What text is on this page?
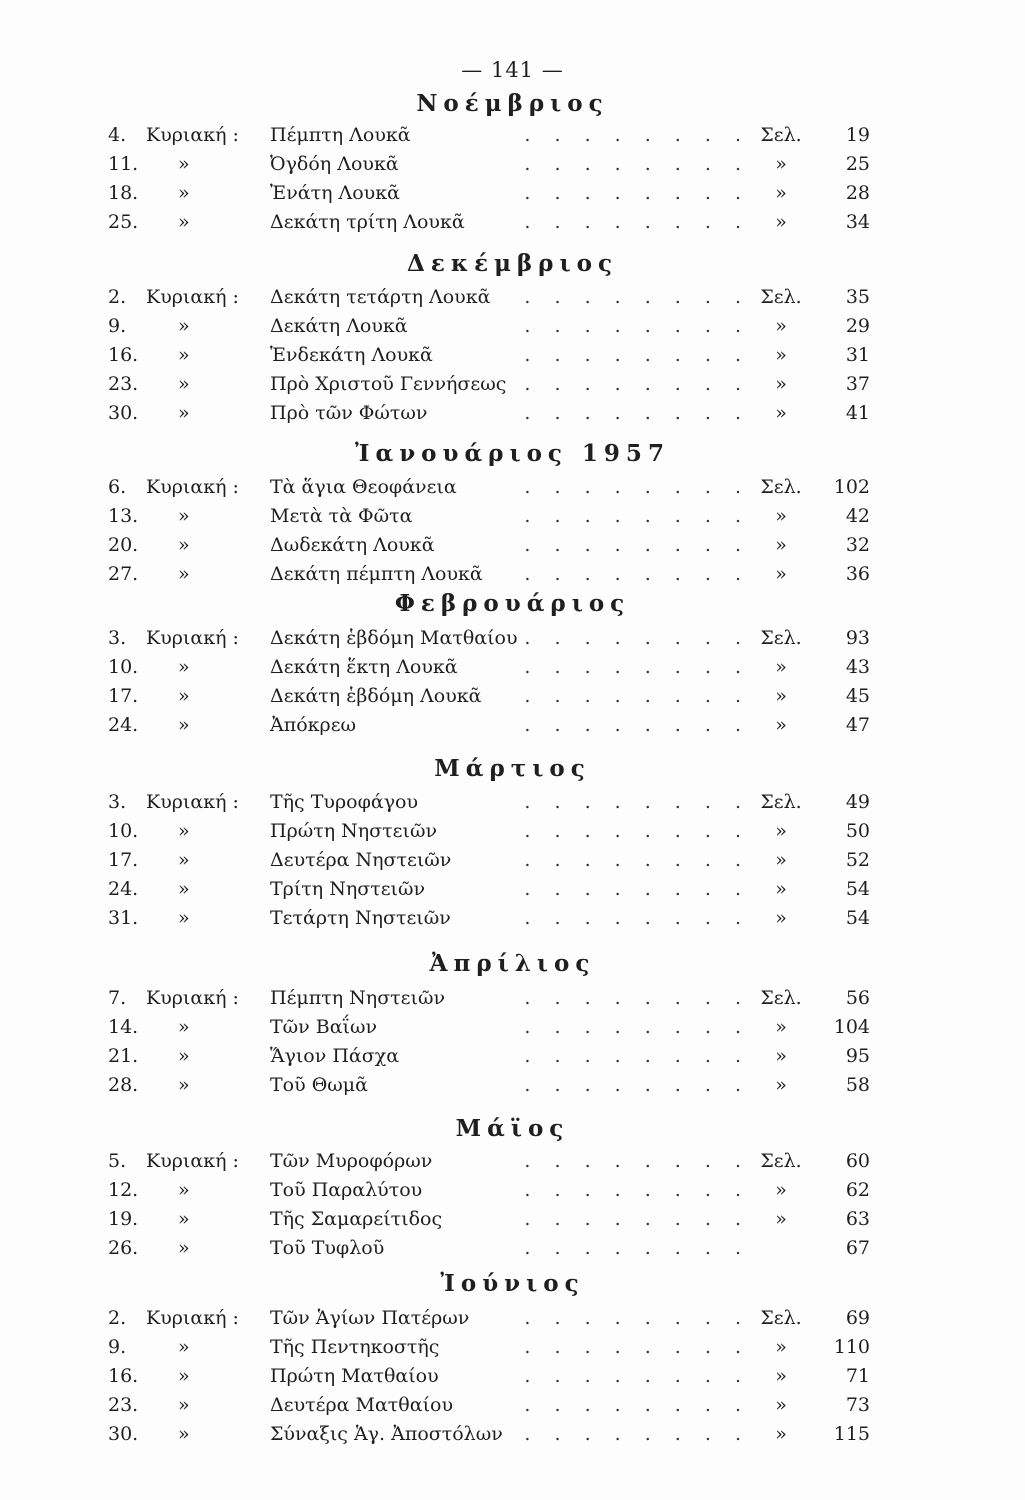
— 141 —
Νοέμβριος
4.	Κυριακή :	Πέμπτη Λουκᾶ	. . . . . . . . Σελ.	19
11.	»	Ὀγδόη Λουκᾶ	. . . . . . . .	»	25
18.	»	Ἐνάτη Λουκᾶ	. . . . . . . .	»	28
25.	»	Δεκάτη τρίτη Λουκᾶ	. . . . . . . .	»	34
Δεκέμβριος
2.	Κυριακή :	Δεκάτη τετάρτη Λουκᾶ	. . . . . . . . Σελ.	35
9.	»	Δεκάτη Λουκᾶ	. . . . . . . .	»	29
16.	»	Ἑνδεκάτη Λουκᾶ	. . . . . . . .	»	31
23.	»	Πρὸ Χριστοῦ Γεννήσεως . . . . . . . .	»	37
30.	»	Πρὸ τῶν Φώτων	. . . . . . . .	»	41
Ἰανουάριος 1957
6.	Κυριακή :	Τὰ ἅγια Θεοφάνεια	. . . . . . . . Σελ.	102
13.	»	Μετὰ τὰ Φῶτα	. . . . . . . .	»	42
20.	»	Δωδεκάτη Λουκᾶ	. . . . . . . .	»	32
27.	»	Δεκάτη πέμπτη Λουκᾶ	. . . . . . . .	»	36
Φεβρουάριος
3.	Κυριακή :	Δεκάτη ἑβδόμη Ματθαίου . . . . . . . . Σελ.	93
10.	»	Δεκάτη ἕκτη Λουκᾶ	. . . . . . . .	»	43
17.	»	Δεκάτη ἑβδόμη Λουκᾶ	. . . . . . . .	»	45
24.	»	Ἀπόκρεω	. . . . . . . .	»	47
Μάρτιος
3.	Κυριακή :	Τῆς Τυροφάγου	. . . . . . . . Σελ.	49
10.	»	Πρώτη Νηστειῶν	. . . . . . . .	»	50
17.	»	Δευτέρα Νηστειῶν	. . . . . . . .	»	52
24.	»	Τρίτη Νηστειῶν	. . . . . . . .	»	54
31.	»	Τετάρτη Νηστειῶν	. . . . . . . .	»	54
Ἀπρίλιος
7.	Κυριακή :	Πέμπτη Νηστειῶν	. . . . . . . . Σελ.	56
14.	»	Τῶν Βαΐων	. . . . . . . .	»	104
21.	»	Ἅγιον Πάσχα	. . . . . . . .	»	95
28.	»	Τοῦ Θωμᾶ	. . . . . . . .	»	58
Μάϊος
5.	Κυριακή :	Τῶν Μυροφόρων	. . . . . . . . Σελ.	60
12.	»	Τοῦ Παραλύτου	. . . . . . . .	»	62
19.	»	Τῆς Σαμαρείτιδος	. . . . . . . .	»	63
26.	»	Τοῦ Τυφλοῦ	. . . . . . . .	67
Ἰούνιος
2.	Κυριακή :	Τῶν Ἁγίων Πατέρων	. . . . . . . . Σελ.	69
9.	»	Τῆς Πεντηκοστῆς	. . . . . . . .	»	110
16.	»	Πρώτη Ματθαίου	. . . . . . . .	»	71
23.	»	Δευτέρα Ματθαίου	. . . . . . . .	»	73
30.	»	Σύναξις Ἁγ. Ἀποστόλων	. . . . . . . .	»	115
